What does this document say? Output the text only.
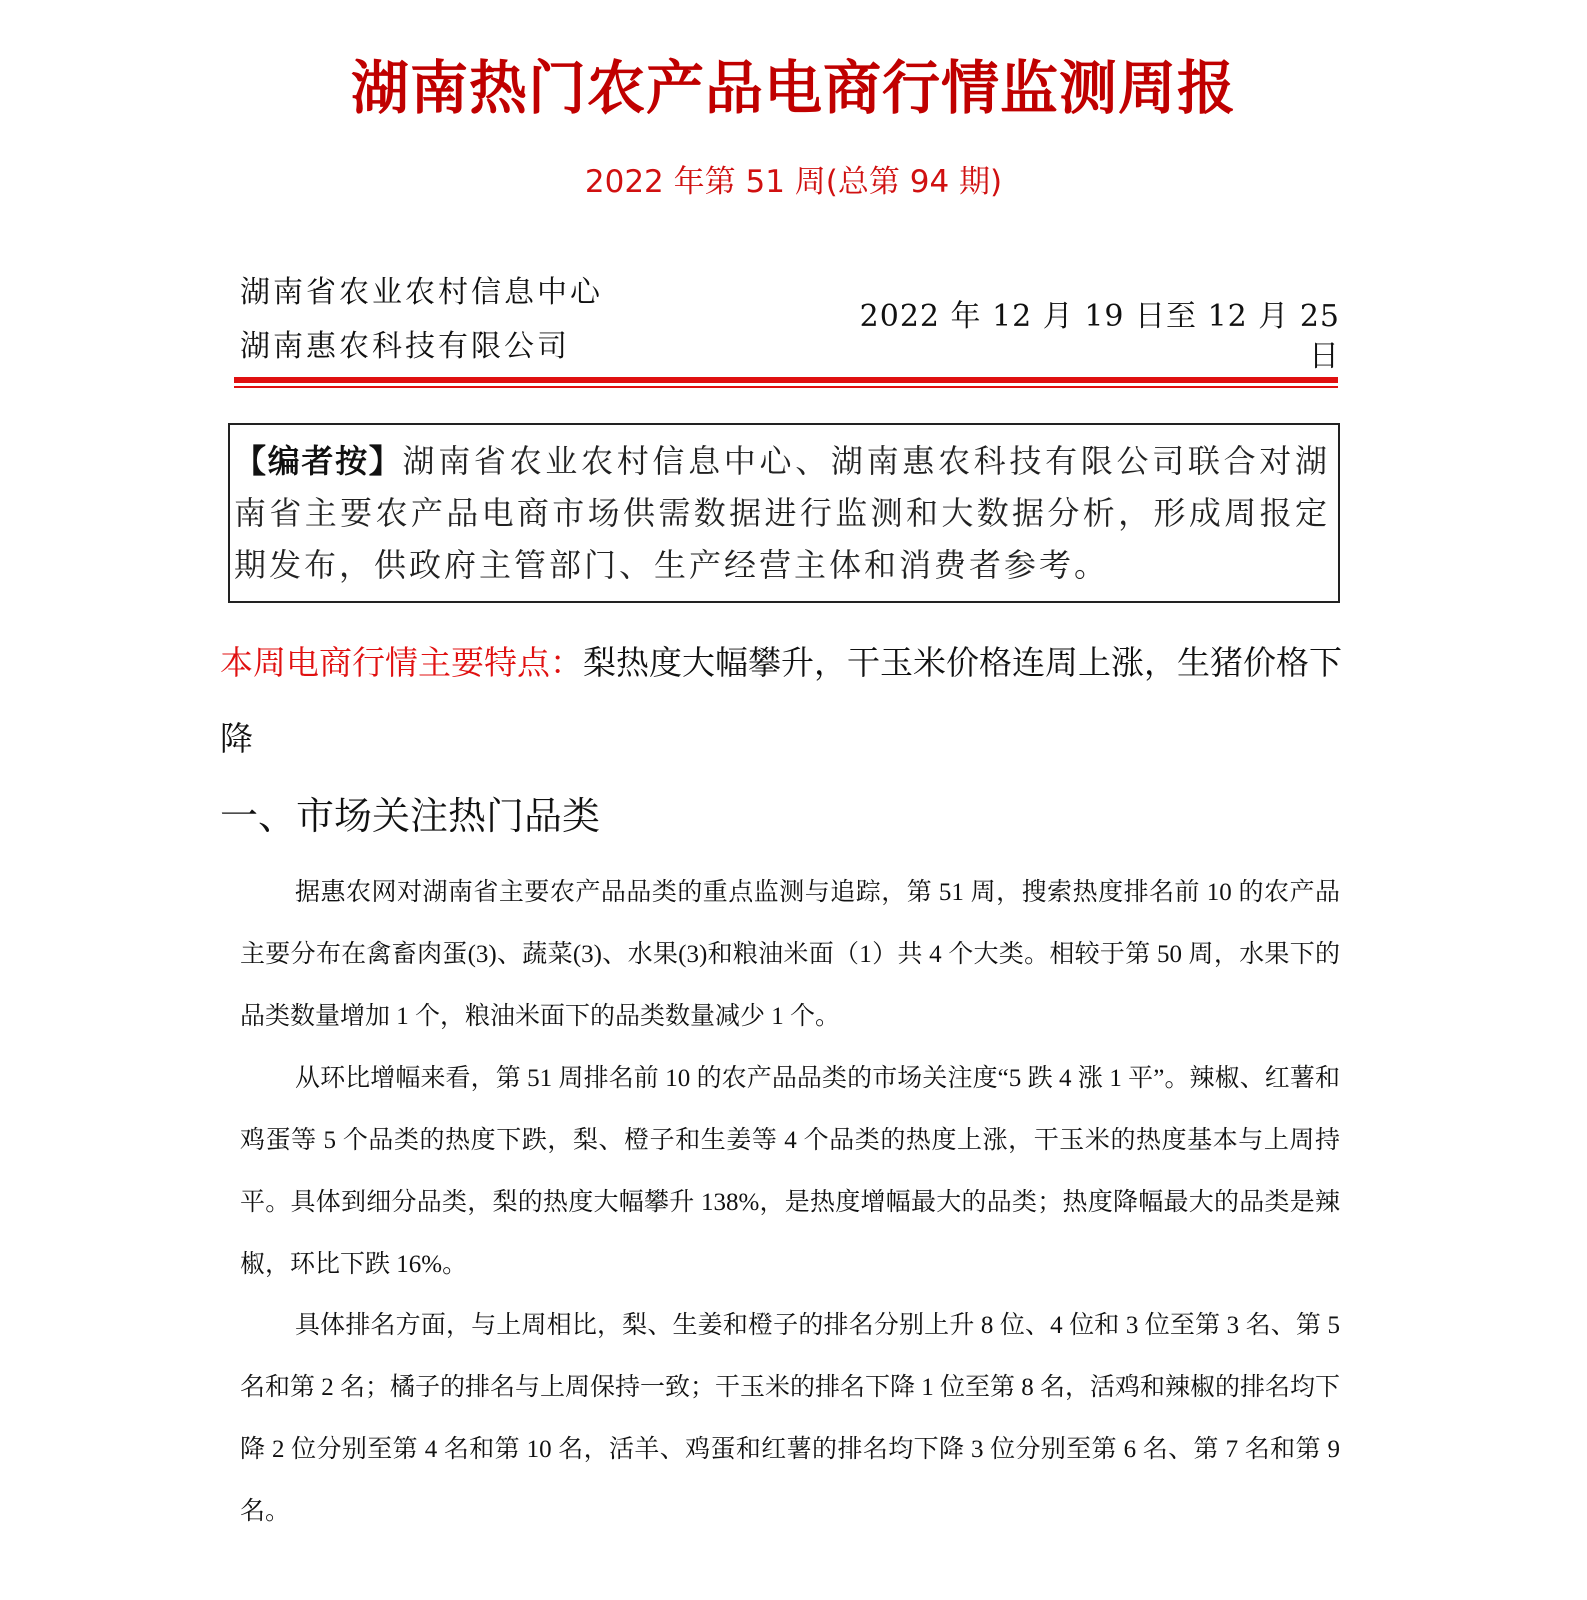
湖南热门农产品电商行情监测周报
2022 年第 51 周(总第 94 期)
湖南省农业农村信息中心
湖南惠农科技有限公司
2022 年 12 月 19 日至 12 月 25 日
【编者按】湖南省农业农村信息中心、湖南惠农科技有限公司联合对湖南省主要农产品电商市场供需数据进行监测和大数据分析，形成周报定期发布，供政府主管部门、生产经营主体和消费者参考。
本周电商行情主要特点：梨热度大幅攀升，干玉米价格连周上涨，生猪价格下降
一、市场关注热门品类
据惠农网对湖南省主要农产品品类的重点监测与追踪，第 51 周，搜索热度排名前 10 的农产品主要分布在禽畜肉蛋(3)、蔬菜(3)、水果(3)和粮油米面（1）共 4 个大类。相较于第 50 周，水果下的品类数量增加 1 个，粮油米面下的品类数量减少 1 个。
从环比增幅来看，第 51 周排名前 10 的农产品品类的市场关注度“5 跌 4 涨 1 平”。辣椒、红薯和鸡蛋等 5 个品类的热度下跌，梨、橙子和生姜等 4 个品类的热度上涨，干玉米的热度基本与上周持平。具体到细分品类，梨的热度大幅攀升 138%，是热度增幅最大的品类；热度降幅最大的品类是辣椒，环比下跌 16%。
具体排名方面，与上周相比，梨、生姜和橙子的排名分别上升 8 位、4 位和 3 位至第 3 名、第 5 名和第 2 名；橘子的排名与上周保持一致；干玉米的排名下降 1 位至第 8 名，活鸡和辣椒的排名均下降 2 位分别至第 4 名和第 10 名，活羊、鸡蛋和红薯的排名均下降 3 位分别至第 6 名、第 7 名和第 9 名。
